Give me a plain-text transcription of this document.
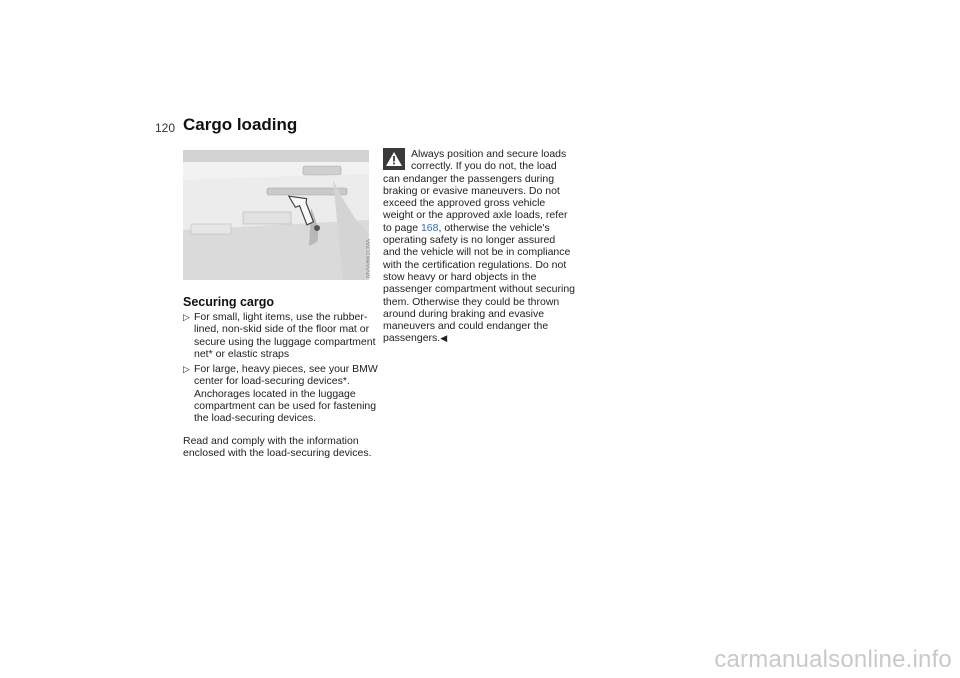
120 Cargo loading
MV00661CMA
Securing cargo
▷ For small, light items, use the rubber-lined, non-skid side of the floor mat or secure using the luggage compartment net* or elastic straps
▷ For large, heavy pieces, see your BMW center for load-securing devices*. Anchorages located in the luggage compartment can be used for fastening the load-securing devices.

Read and comply with the information enclosed with the load-securing devices.

Always position and secure loads correctly. If you do not, the load can endanger the passengers during braking or evasive maneuvers. Do not exceed the approved gross vehicle weight or the approved axle loads, refer to page 168, otherwise the vehicle's operating safety is no longer assured and the vehicle will not be in compliance with the certification regulations. Do not stow heavy or hard objects in the passenger compartment without securing them. Otherwise they could be thrown around during braking and evasive maneuvers and could endanger the passengers.◀

carmanualsonline.info
